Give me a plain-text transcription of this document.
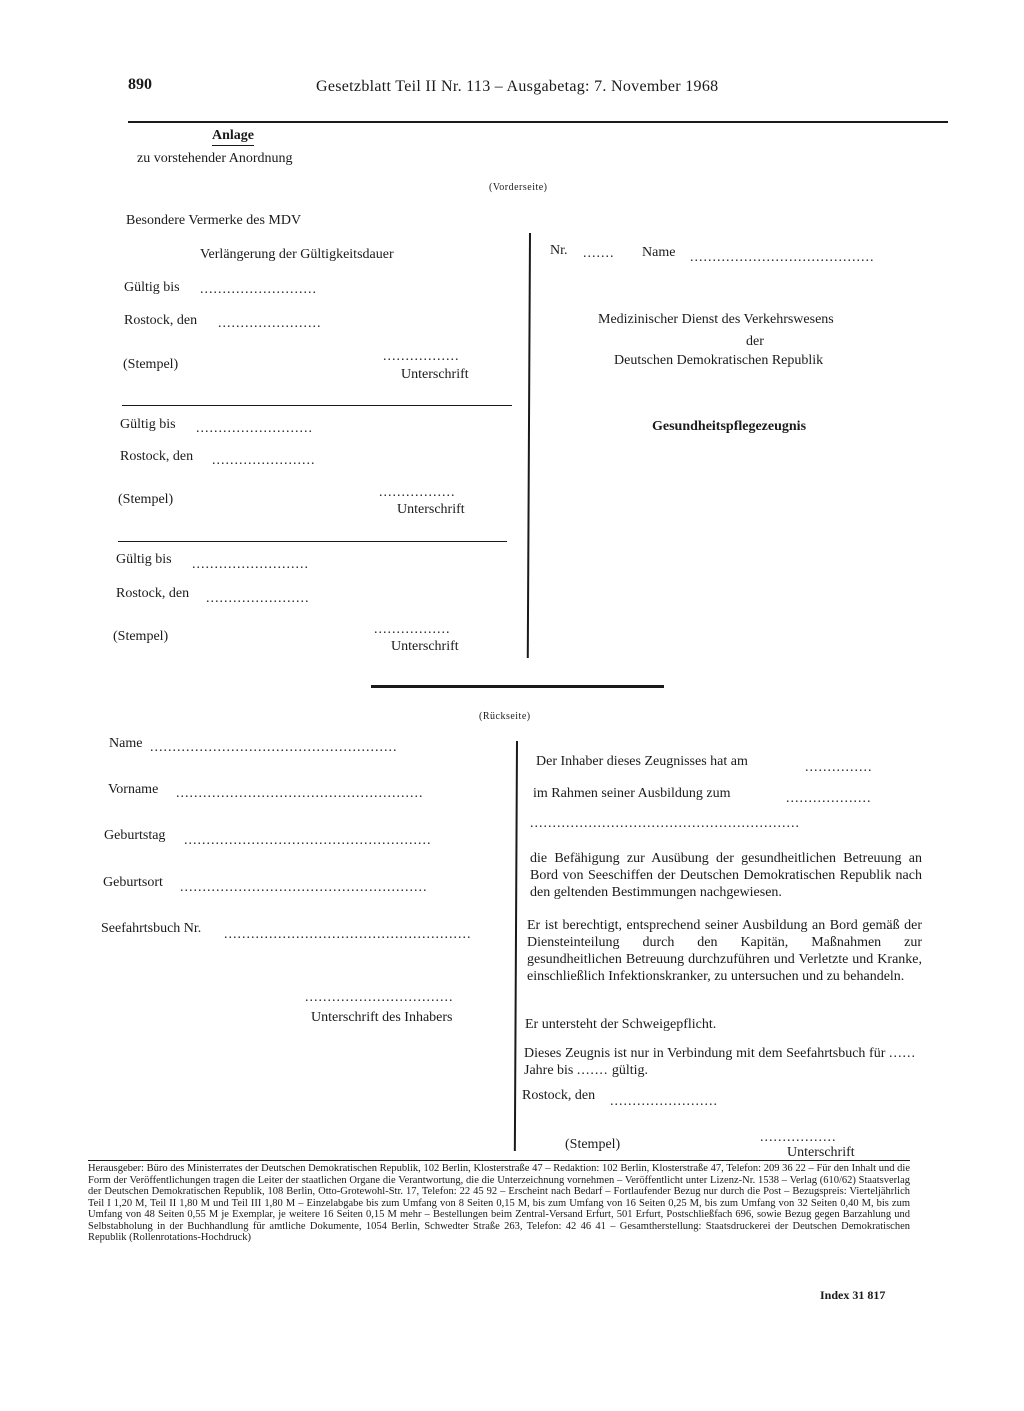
890	Gesetzblatt Teil II Nr. 113 – Ausgabetag: 7. November 1968
Anlage
zu vorstehender Anordnung
(Vorderseite)
Besondere Vermerke des MDV
Verlängerung der Gültigkeitsdauer
Gültig bis ..........................
Rostock, den .......................
(Stempel)
.................
Unterschrift
Gültig bis ..........................
Rostock, den .......................
(Stempel)	.................
Unterschrift
Gültig bis ..........................
Rostock, den .......................
(Stempel)	.................
Unterschrift
Nr. ....... Name .........................................
Medizinischer Dienst des Verkehrswesens
der
Deutschen Demokratischen Republik
Gesundheitspflegezeugnis
(Rückseite)
Name .......................................................
Vorname .......................................................
Geburtstag .......................................................
Geburtsort .......................................................
Seefahrtsbuch Nr. .......................................................
.................................
Unterschrift des Inhabers
Der Inhaber dieses Zeugnisses hat am	...............
im Rahmen seiner Ausbildung zum	...................
............................................................
die Befähigung zur Ausübung der gesundheitlichen Betreuung an Bord von Seeschiffen der Deutschen Demokratischen Republik nach den geltenden Bestimmungen nachgewiesen.
Er ist berechtigt, entsprechend seiner Ausbildung an Bord gemäß der Diensteinteilung durch den Kapitän, Maßnahmen zur gesundheitlichen Betreuung durchzuführen und Verletzte und Kranke, einschließlich Infektionskranker, zu untersuchen und zu behandeln.
Er untersteht der Schweigepflicht.
Dieses Zeugnis ist nur in Verbindung mit dem Seefahrtsbuch für ...... Jahre bis ....... gültig.
Rostock, den ........................
(Stempel)	.................
Unterschrift
Herausgeber: Büro des Ministerrates der Deutschen Demokratischen Republik, 102 Berlin, Klosterstraße 47 – Redaktion: 102 Berlin, Klosterstraße 47, Telefon: 209 36 22 – Für den Inhalt und die Form der Veröffentlichungen tragen die Leiter der staatlichen Organe die Verantwortung, die die Unterzeichnung vornehmen – Veröffentlicht unter Lizenz-Nr. 1538 – Verlag (610/62) Staatsverlag der Deutschen Demokratischen Republik, 108 Berlin, Otto-Grotewohl-Str. 17, Telefon: 22 45 92 – Erscheint nach Bedarf – Fortlaufender Bezug nur durch die Post – Bezugspreis: Vierteljährlich Teil I 1,20 M, Teil II 1,80 M und Teil III 1,80 M – Einzelabgabe bis zum Umfang von 8 Seiten 0,15 M, bis zum Umfang von 16 Seiten 0,25 M, bis zum Umfang von 32 Seiten 0,40 M, bis zum Umfang von 48 Seiten 0,55 M je Exemplar, je weitere 16 Seiten 0,15 M mehr – Bestellungen beim Zentral-Versand Erfurt, 501 Erfurt, Postschließfach 696, sowie Bezug gegen Barzahlung und Selbstabholung in der Buchhandlung für amtliche Dokumente, 1054 Berlin, Schwedter Straße 263, Telefon: 42 46 41 – Gesamtherstellung: Staatsdruckerei der Deutschen Demokratischen Republik (Rollenrotations-Hochdruck)
Index 31 817
